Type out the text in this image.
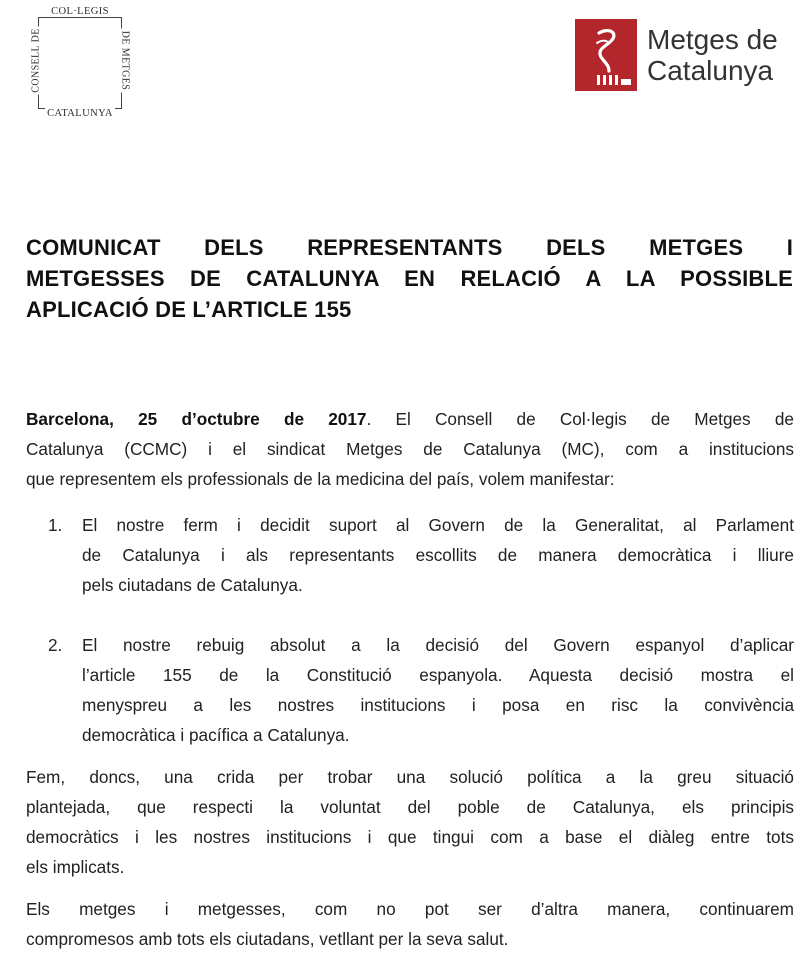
COL·LEGIS
CONSELL DE	DE METGES
CATALUNYA
Metges de
Catalunya
COMUNICAT DELS REPRESENTANTS DELS METGES I
METGESSES DE CATALUNYA EN RELACIÓ A LA POSSIBLE
APLICACIÓ DE L’ARTICLE 155
Barcelona, 25 d’octubre de 2017. El Consell de Col·legis de Metges de
Catalunya (CCMC) i el sindicat Metges de Catalunya (MC), com a institucions
que representem els professionals de la medicina del país, volem manifestar:
1. El nostre ferm i decidit suport al Govern de la Generalitat, al Parlament
de Catalunya i als representants escollits de manera democràtica i lliure
pels ciutadans de Catalunya.
2. El nostre rebuig absolut a la decisió del Govern espanyol d’aplicar
l’article 155 de la Constitució espanyola. Aquesta decisió mostra el
menyspreu a les nostres institucions i posa en risc la convivència
democràtica i pacífica a Catalunya.
Fem, doncs, una crida per trobar una solució política a la greu situació
plantejada, que respecti la voluntat del poble de Catalunya, els principis
democràtics i les nostres institucions i que tingui com a base el diàleg entre tots
els implicats.
Els metges i metgesses, com no pot ser d’altra manera, continuarem
compromesos amb tots els ciutadans, vetllant per la seva salut.
